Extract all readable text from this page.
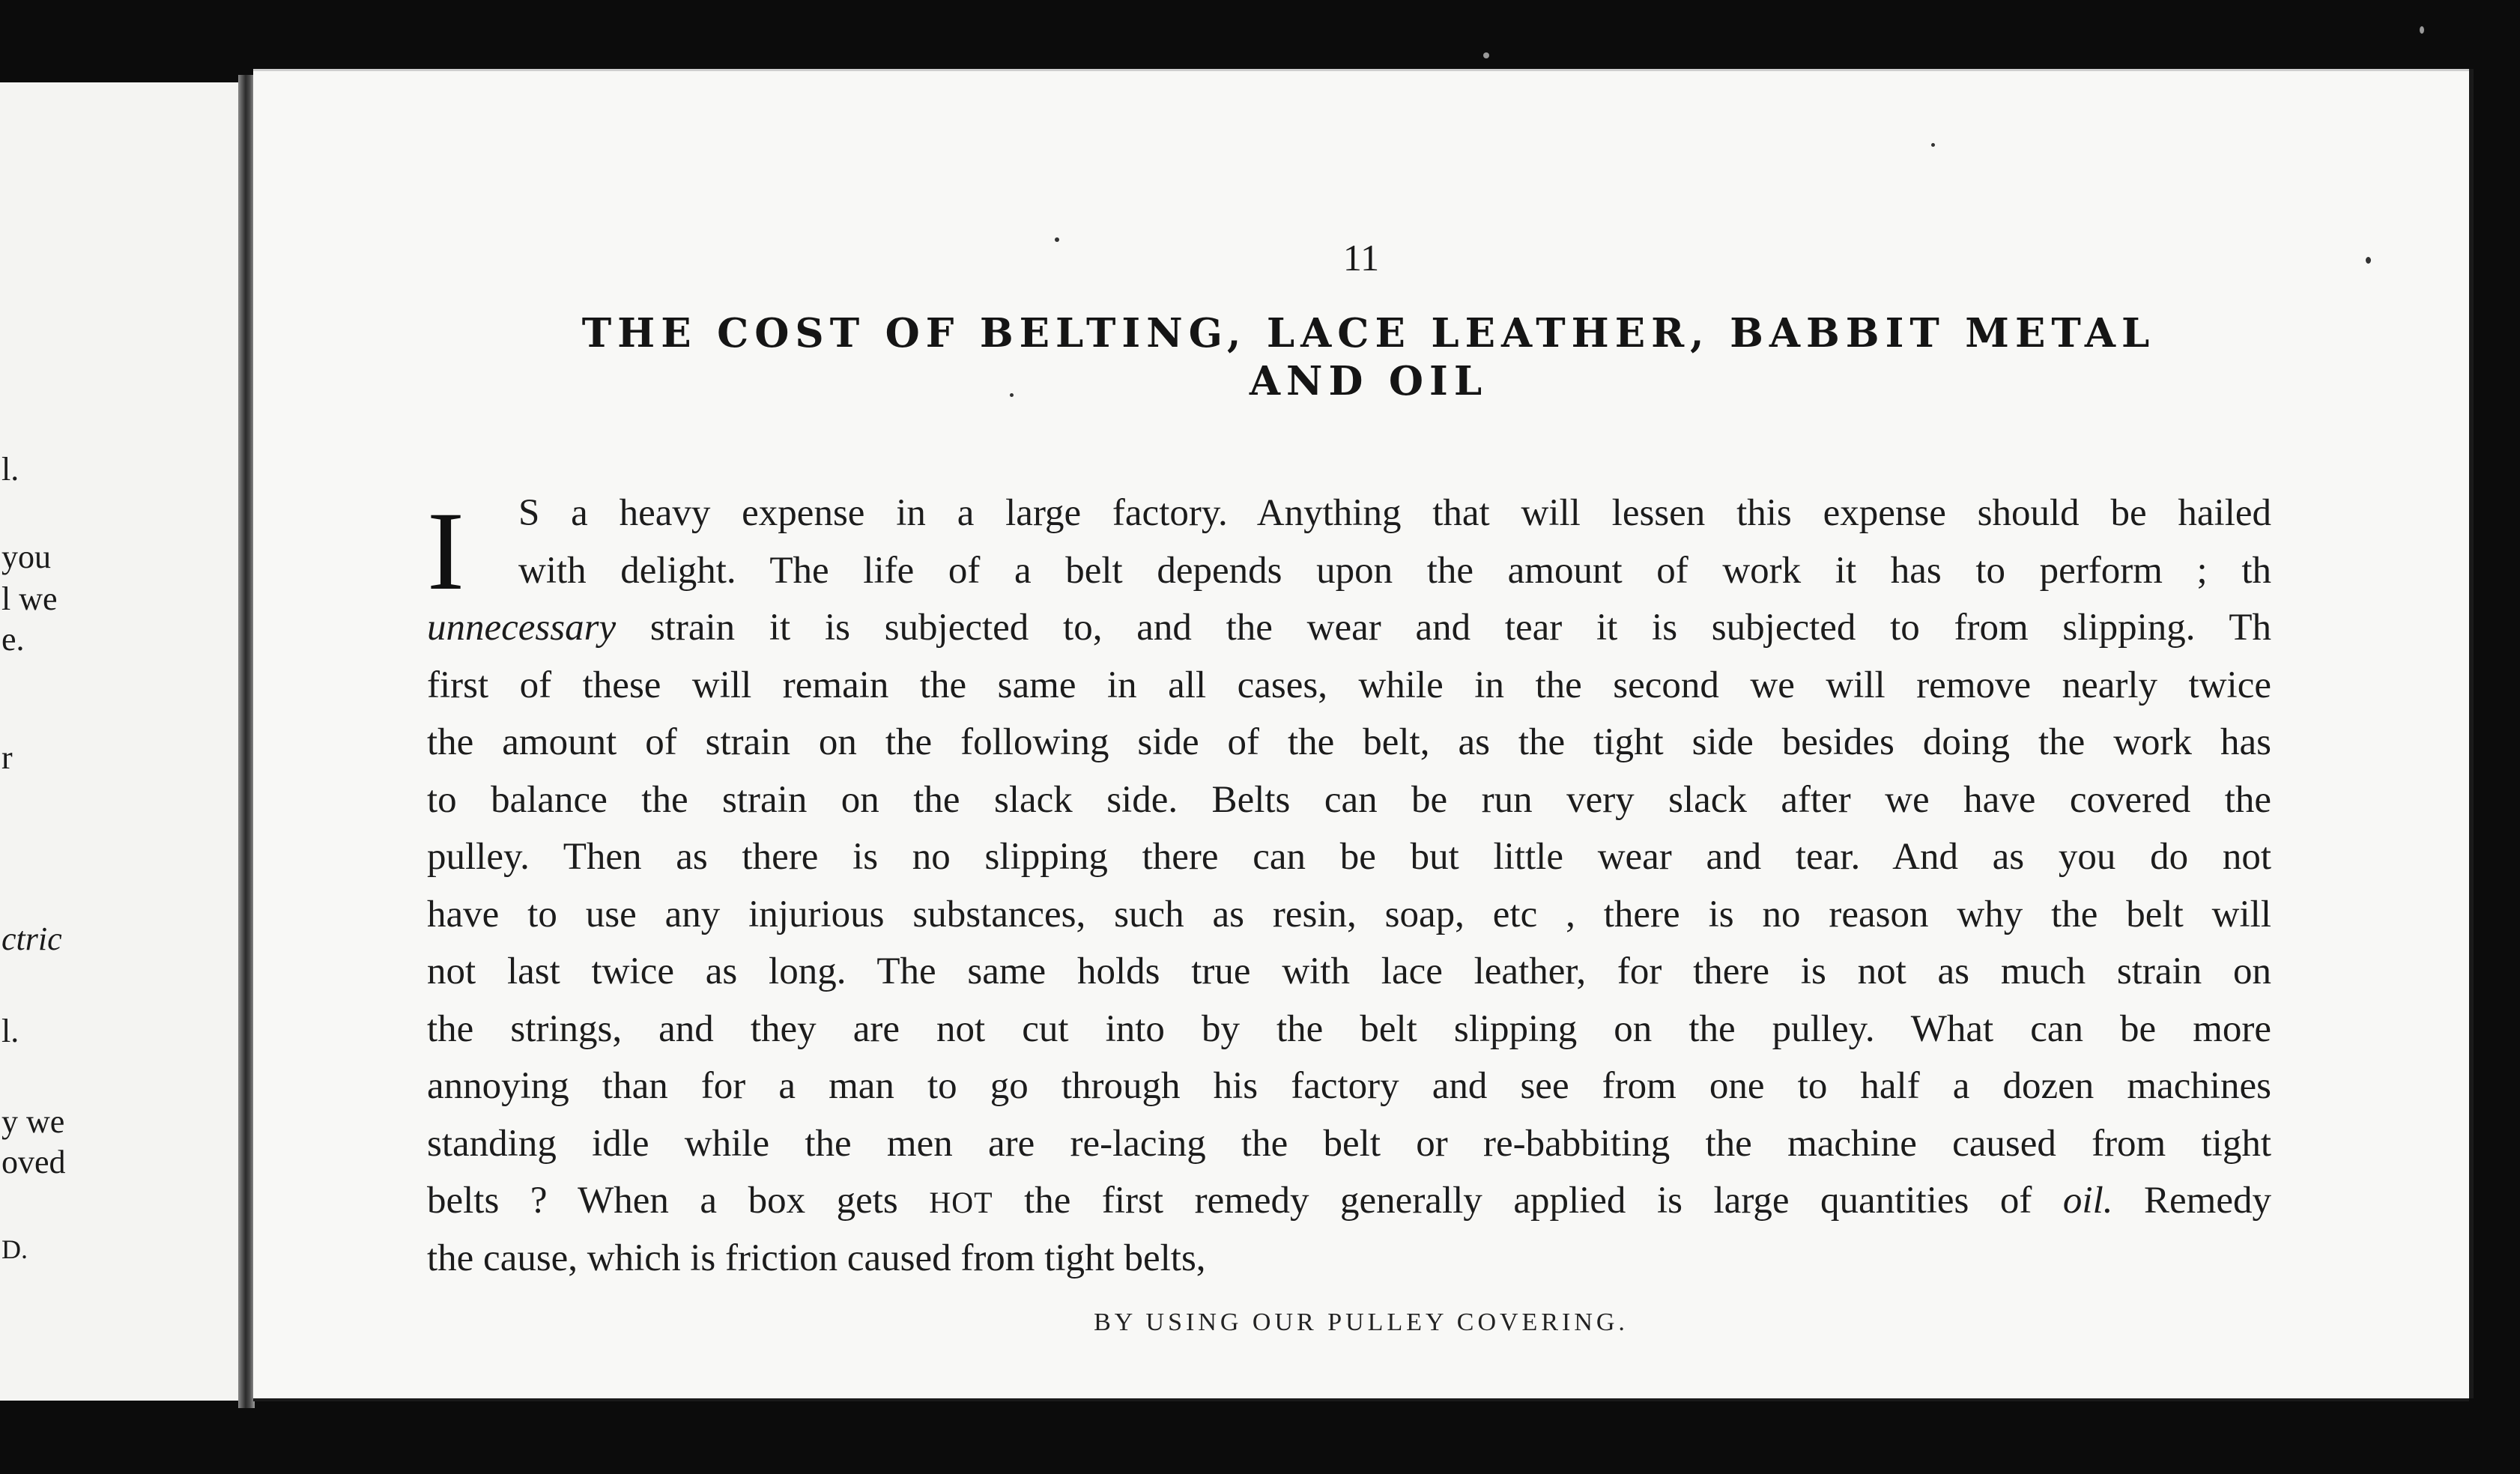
l.
you
l we
e.
r
ctric
l.
y we
oved
D.
11
THE COST OF BELTING, LACE LEATHER, BABBIT METAL
AND OIL
I	S a heavy expense in a large factory. Anything that will lessen this expense should be hailed
with delight. The life of a belt depends upon the amount of work it has to perform ; th
unnecessary strain it is subjected to, and the wear and tear it is subjected to from slipping. Th
first of these will remain the same in all cases, while in the second we will remove nearly twice
the amount of strain on the following side of the belt, as the tight side besides doing the work has
to balance the strain on the slack side. Belts can be run very slack after we have covered the
pulley. Then as there is no slipping there can be but little wear and tear. And as you do not
have to use any injurious substances, such as resin, soap, etc , there is no reason why the belt will
not last twice as long. The same holds true with lace leather, for there is not as much strain on
the strings, and they are not cut into by the belt slipping on the pulley. What can be more
annoying than for a man to go through his factory and see from one to half a dozen machines
standing idle while the men are re-lacing the belt or re-babbiting the machine caused from tight
belts ? When a box gets HOT the first remedy generally applied is large quantities of oil. Remedy
the cause, which is friction caused from tight belts,
BY USING OUR PULLEY COVERING.
